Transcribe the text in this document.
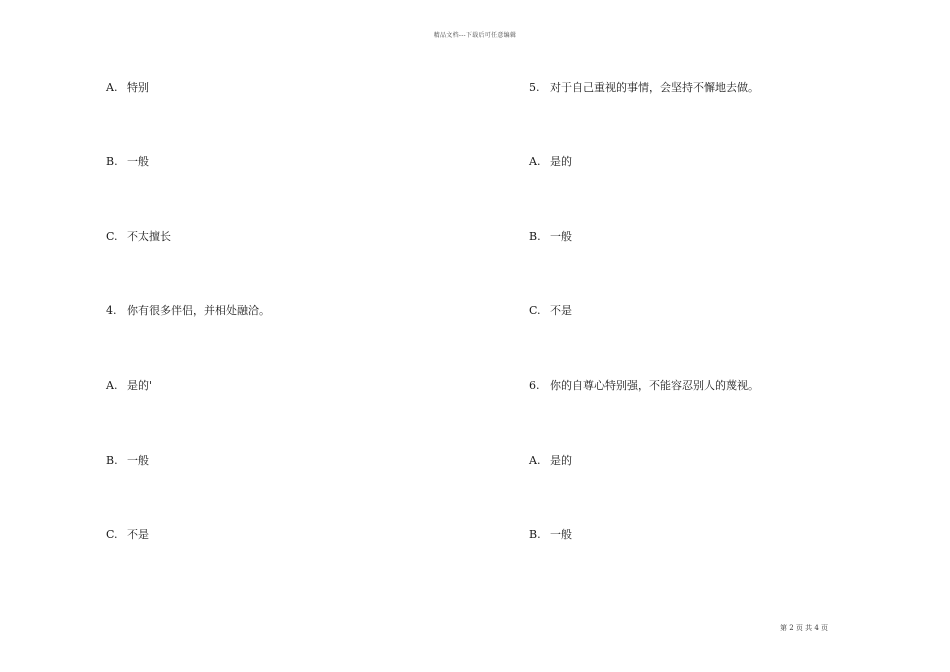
精品文档---下载后可任意编辑
A. 特别
B. 一般
C. 不太擅长
4. 你有很多伴侣，并相处融洽。
A. 是的'
B. 一般
C. 不是
5. 对于自己重视的事情，会坚持不懈地去做。
A. 是的
B. 一般
C. 不是
6. 你的自尊心特别强，不能容忍别人的蔑视。
A. 是的
B. 一般
第 2 页 共 4 页
